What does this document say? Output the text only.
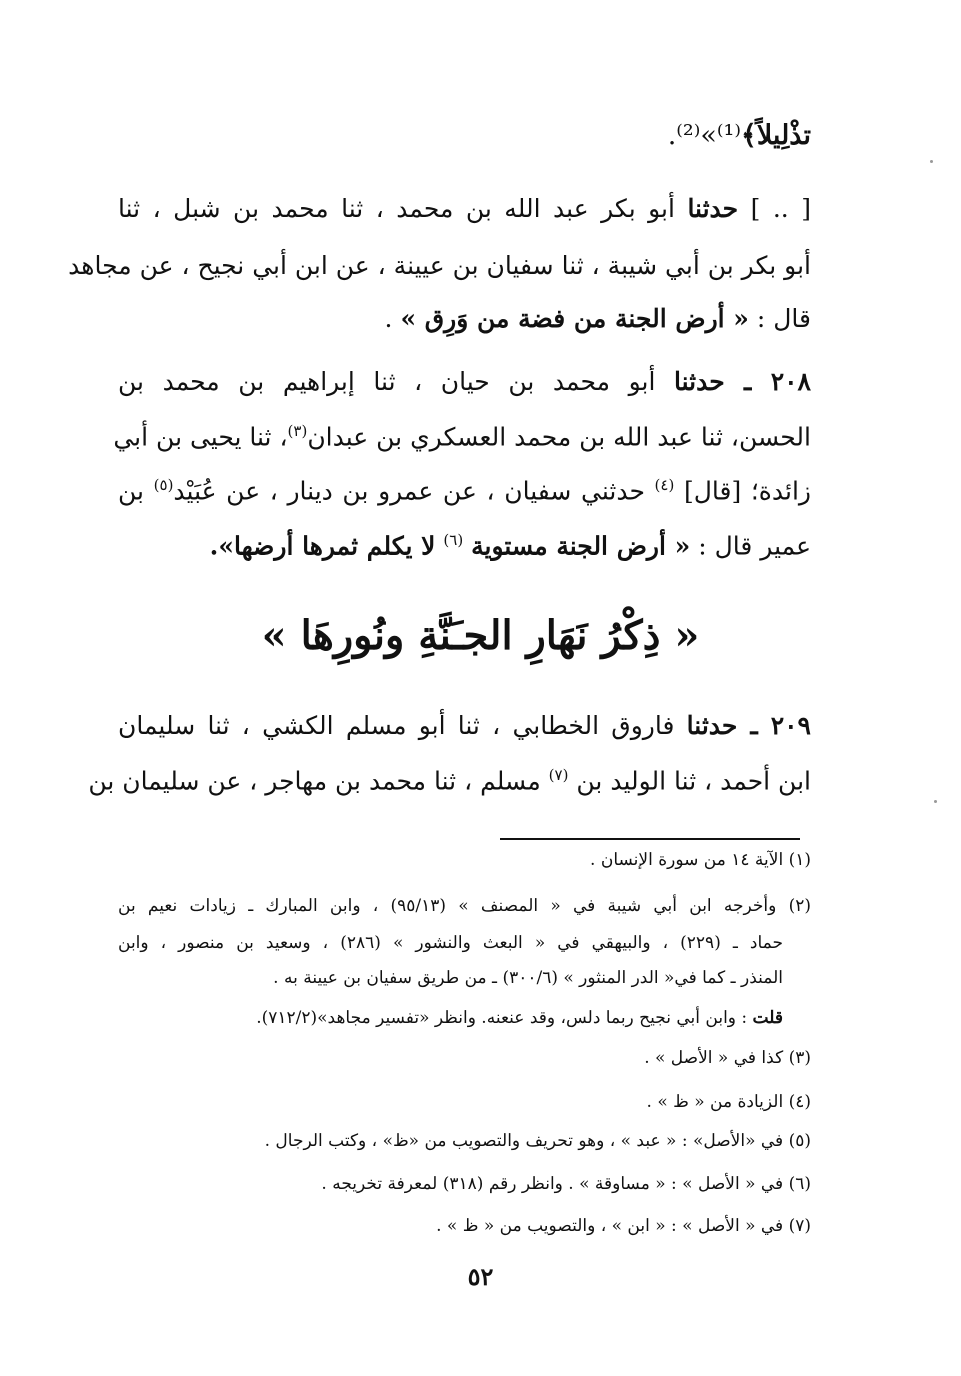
تذْلِيلاً﴾⁽¹⁾»⁽²⁾.
[ .. ] حدثنا أبو بكر عبد الله بن محمد ، ثنا محمد بن شبل ، ثنا
أبو بكر بن أبي شيبة ، ثنا سفيان بن عيينة ، عن ابن أبي نجيح ، عن مجاهد
قال : « أرض الجنة من فضة من وَرِق » .
٢٠٨ ـ حدثنا أبو محمد بن حيان ، ثنا إبراهيم بن محمد بن
الحسن، ثنا عبد الله بن محمد العسكري بن عبدان$^{(٣)}$، ثنا يحيى بن أبي
زائدة؛ [قال] $^{(٤)}$ حدثني سفيان ، عن عمرو بن دينار ، عن عُبَيْد$^{(٥)}$ بن
عمير قال : « أرض الجنة مستوية $^{(٦)}$ لا يكلم ثمرها أرضها».
« ذِكْرُ نَهَارِ الجـَنَّةِ ونُورِهَا »
٢٠٩ ـ حدثنا فاروق الخطابي ، ثنا أبو مسلم الكشي ، ثنا سليمان
ابن أحمد ، ثنا الوليد بن $^{(٧)}$ مسلم ، ثنا محمد بن مهاجر ، عن سليمان بن
(١) الآية ١٤ من سورة الإنسان .
(٢) وأخرجه ابن أبي شيبة في « المصنف » (٩٥/١٣) ، وابن المبارك ـ زيادات نعيم بن
حماد ـ (٢٢٩) ، والبيهقي في « البعث والنشور » (٢٨٦) ، وسعيد بن منصور ، وابن
المنذر ـ كما في« الدر المنثور » (٣٠٠/٦) ـ من طريق سفيان بن عيينة به .
قلت : وابن أبي نجيح ربما دلس، وقد عنعنه. وانظر «تفسير مجاهد»(٧١٢/٢).
(٣) كذا في « الأصل » .
(٤) الزيادة من « ظ » .
(٥) في «الأصل» : « عبد » ، وهو تحريف والتصويب من «ظ» ، وكتب الرجال .
(٦) في « الأصل » : « مساوقة » . وانظر رقم (٣١٨) لمعرفة تخريجه .
(٧) في « الأصل » : « ابن » ، والتصويب من « ظ » .
٥٢
